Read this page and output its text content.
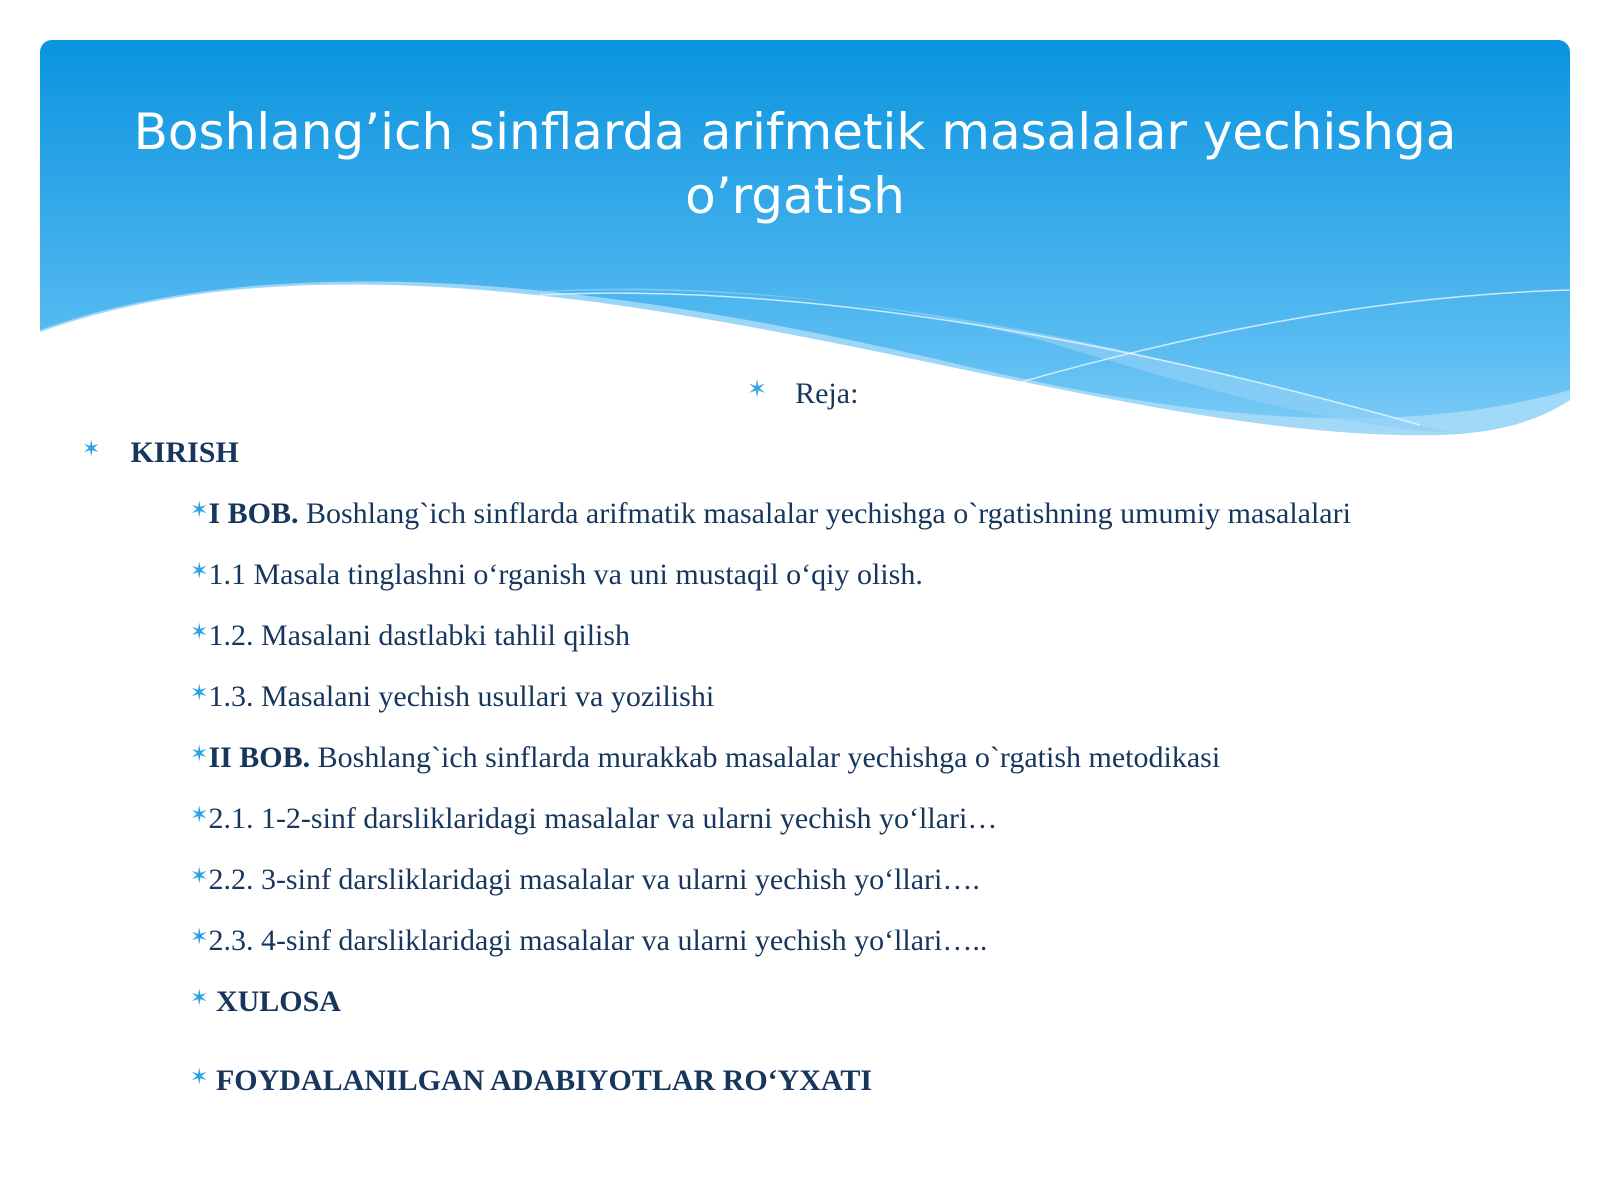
Boshlang’ich sinflarda arifmetik masalalar yechishga o’rgatish
✶ Reja:
✶ KIRISH
✶I BOB. Boshlang`ich sinflarda arifmatik masalalar yechishga o`rgatishning umumiy masalalari
✶1.1 Masala tinglashni o‘rganish va uni mustaqil o‘qiy olish.
✶1.2. Masalani dastlabki tahlil qilish
✶1.3. Masalani yechish usullari va yozilishi
✶II BOB. Boshlang`ich sinflarda murakkab masalalar yechishga o`rgatish metodikasi
✶2.1. 1-2-sinf darsliklaridagi masalalar va ularni yechish yo‘llari…
✶2.2. 3-sinf darsliklaridagi masalalar va ularni yechish yo‘llari….
✶2.3. 4-sinf darsliklaridagi masalalar va ularni yechish yo‘llari…..
✶ XULOSA
✶ FOYDALANILGAN ADABIYOTLAR RO‘YXATI
